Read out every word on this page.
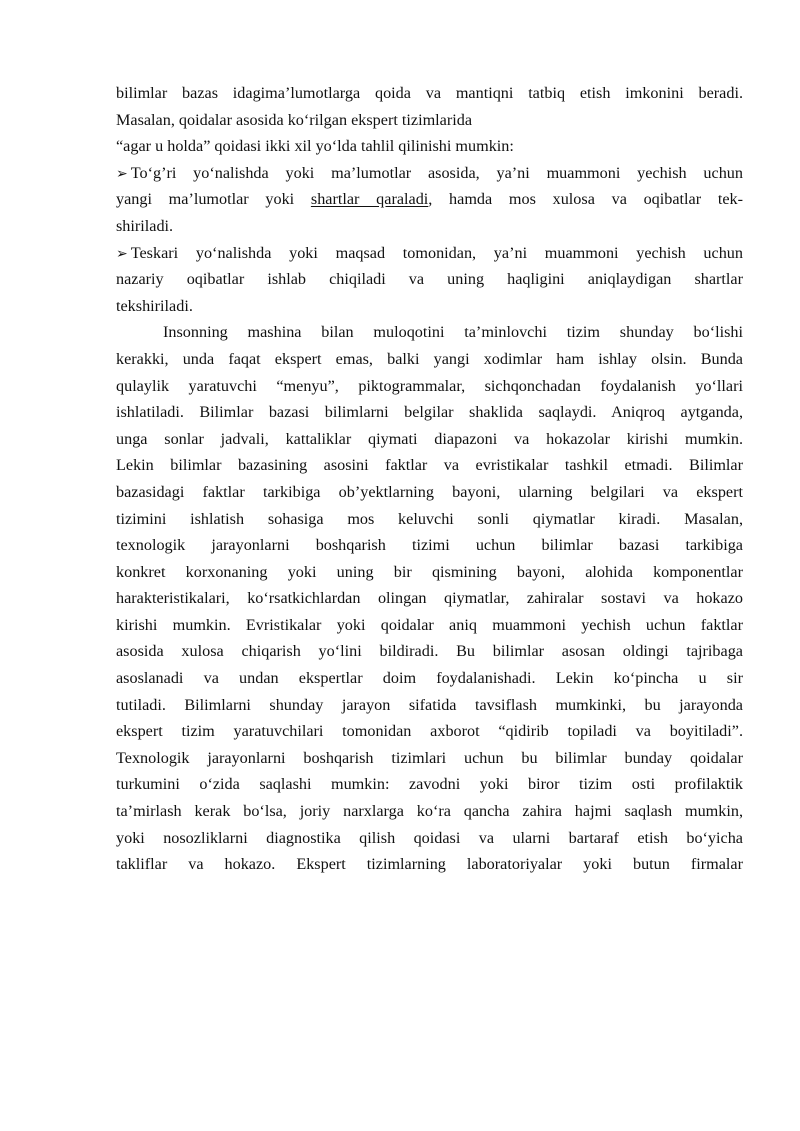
bilimlar bazas idagima’lumotlarga qoida va mantiqni tatbiq etish imkonini beradi.
Masalan, qoidalar asosida ko‘rilgan ekspert tizimlarida
“agar u holda” qoidasi ikki xil yo‘lda tahlil qilinishi mumkin:
➢ To‘g’ri yo‘nalishda yoki ma’lumotlar asosida, ya’ni muammoni yechish uchun
yangi ma’lumotlar yoki shartlar qaraladi, hamda mos xulosa va oqibatlar tek-
shiriladi.
➢ Teskari yo‘nalishda yoki maqsad tomonidan, ya’ni muammoni yechish uchun
nazariy oqibatlar ishlab chiqiladi va uning haqligini aniqlaydigan shartlar
tekshiriladi.
Insonning mashina bilan muloqotini ta’minlovchi tizim shunday bo‘lishi
kerakki, unda faqat ekspert emas, balki yangi xodimlar ham ishlay olsin. Bunda
qulaylik yaratuvchi “menyu”, piktogrammalar, sichqonchadan foydalanish yo‘llari
ishlatiladi. Bilimlar bazasi bilimlarni belgilar shaklida saqlaydi. Aniqroq aytganda,
unga sonlar jadvali, kattaliklar qiymati diapazoni va hokazolar kirishi mumkin.
Lekin bilimlar bazasining asosini faktlar va evristikalar tashkil etmadi. Bilimlar
bazasidagi faktlar tarkibiga ob’yektlarning bayoni, ularning belgilari va ekspert
tizimini ishlatish sohasiga mos keluvchi sonli qiymatlar kiradi. Masalan,
texnologik jarayonlarni boshqarish tizimi uchun bilimlar bazasi tarkibiga
konkret korxonaning yoki uning bir qismining bayoni, alohida komponentlar
harakteristikalari, ko‘rsatkichlardan olingan qiymatlar, zahiralar sostavi va hokazo
kirishi mumkin. Evristikalar yoki qoidalar aniq muammoni yechish uchun faktlar
asosida xulosa chiqarish yo‘lini bildiradi. Bu bilimlar asosan oldingi tajribaga
asoslanadi va undan ekspertlar doim foydalanishadi. Lekin ko‘pincha u sir
tutiladi. Bilimlarni shunday jarayon sifatida tavsiflash mumkinki, bu jarayonda
ekspert tizim yaratuvchilari tomonidan axborot “qidirib topiladi va boyitiladi”.
Texnologik jarayonlarni boshqarish tizimlari uchun bu bilimlar bunday qoidalar
turkumini o‘zida saqlashi mumkin: zavodni yoki biror tizim osti profilaktik
ta’mirlash kerak bo‘lsa, joriy narxlarga ko‘ra qancha zahira hajmi saqlash mumkin,
yoki nosozliklarni diagnostika qilish qoidasi va ularni bartaraf etish bo‘yicha
takliflar va hokazo. Ekspert tizimlarning laboratoriyalar yoki butun firmalar
